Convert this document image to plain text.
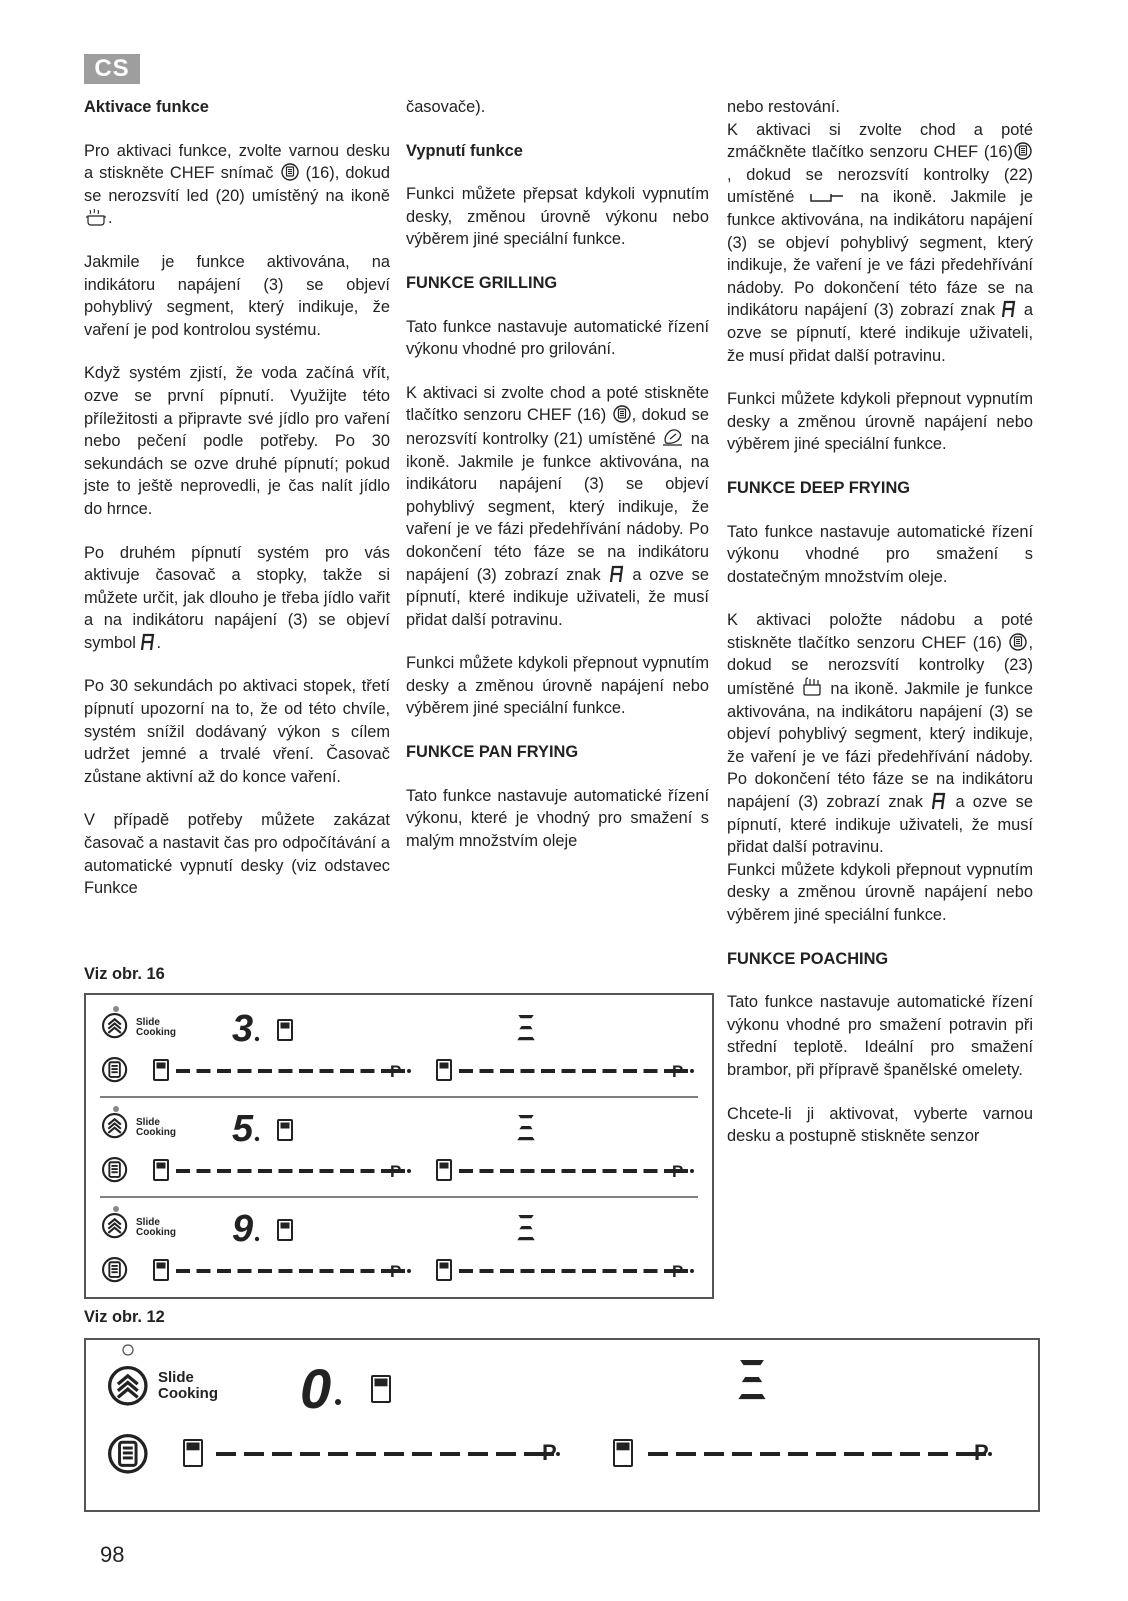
CS
Aktivace funkce

Pro aktivaci funkce, zvolte varnou desku a stiskněte CHEF snímač (16), dokud se nerozsvítí led (20) umístěný na ikoně .

Jakmile je funkce aktivována, na indikátoru napájení (3) se objeví pohyblivý segment, který indikuje, že vaření je pod kontrolou systému.

Když systém zjistí, že voda začíná vřít, ozve se první pípnutí. Využijte této příležitosti a připravte své jídlo pro vaření nebo pečení podle potřeby. Po 30 sekundách se ozve druhé pípnutí; pokud jste to ještě neprovedli, je čas nalít jídlo do hrnce.

Po druhém pípnutí systém pro vás aktivuje časovač a stopky, takže si můžete určit, jak dlouho je třeba jídlo vařit a na indikátoru napájení (3) se objeví symbol .

Po 30 sekundách po aktivaci stopek, třetí pípnutí upozorní na to, že od této chvíle, systém snížil dodávaný výkon s cílem udržet jemné a trvalé vření. Časovač zůstane aktivní až do konce vaření.

V případě potřeby můžete zakázat časovač a nastavit čas pro odpočítávání a automatické vypnutí desky (viz odstavec Funkce

časovače).

Vypnutí funkce

Funkci můžete přepsat kdykoli vypnutím desky, změnou úrovně výkonu nebo výběrem jiné speciální funkce.

FUNKCE GRILLING

Tato funkce nastavuje automatické řízení výkonu vhodné pro grilování.

K aktivaci si zvolte chod a poté stiskněte tlačítko senzoru CHEF (16) , dokud se nerozsvítí kontrolky (21) umístěné na ikoně. Jakmile je funkce aktivována, na indikátoru napájení (3) se objeví pohyblivý segment, který indikuje, že vaření je ve fázi předehřívání nádoby. Po dokončení této fáze se na indikátoru napájení (3) zobrazí znak a ozve se pípnutí, které indikuje uživateli, že musí přidat další potravinu.

Funkci můžete kdykoli přepnout vypnutím desky a změnou úrovně napájení nebo výběrem jiné speciální funkce.

FUNKCE PAN FRYING

Tato funkce nastavuje automatické řízení výkonu, které je vhodný pro smažení s malým množstvím oleje

nebo restování.

K aktivaci si zvolte chod a poté zmáčkněte tlačítko senzoru CHEF (16), dokud se nerozsvítí kontrolky (22) umístěné	na ikoně. Jakmile je funkce aktivována, na indikátoru napájení (3) se objeví pohyblivý segment, který indikuje, že vaření je ve fázi předehřívání nádoby. Po dokončení této fáze se na indikátoru napájení (3) zobrazí znak a ozve se pípnutí, které indikuje uživateli, že musí přidat další potravinu.

Funkci můžete kdykoli přepnout vypnutím desky a změnou úrovně napájení nebo výběrem jiné speciální funkce.

FUNKCE DEEP FRYING

Tato funkce nastavuje automatické řízení výkonu vhodné pro smažení s dostatečným množstvím oleje.

K aktivaci položte nádobu a poté stiskněte tlačítko senzoru CHEF (16) , dokud se nerozsvítí kontrolky (23) umístěné na ikoně. Jakmile je funkce aktivována, na indikátoru napájení (3) se objeví pohyblivý segment, který indikuje, že vaření je ve fázi předehřívání nádoby. Po dokončení této fáze se na indikátoru napájení (3) zobrazí znak a ozve se pípnutí, které indikuje uživateli, že musí přidat další potravinu.

Funkci můžete kdykoli přepnout vypnutím desky a změnou úrovně napájení nebo výběrem jiné speciální funkce.

FUNKCE POACHING

Tato funkce nastavuje automatické řízení výkonu vhodné pro smažení potravin při střední teplotě. Ideální pro smažení brambor, při přípravě španělské omelety.

Chcete-li ji aktivovat, vyberte varnou desku a postupně stiskněte senzor

Viz obr. 16
Slide
Cooking 3
P	P
Slide
Cooking 5
P	P
Slide
Cooking 9
P	P
Viz obr. 12
Slide
Cooking 0
P	P
98
